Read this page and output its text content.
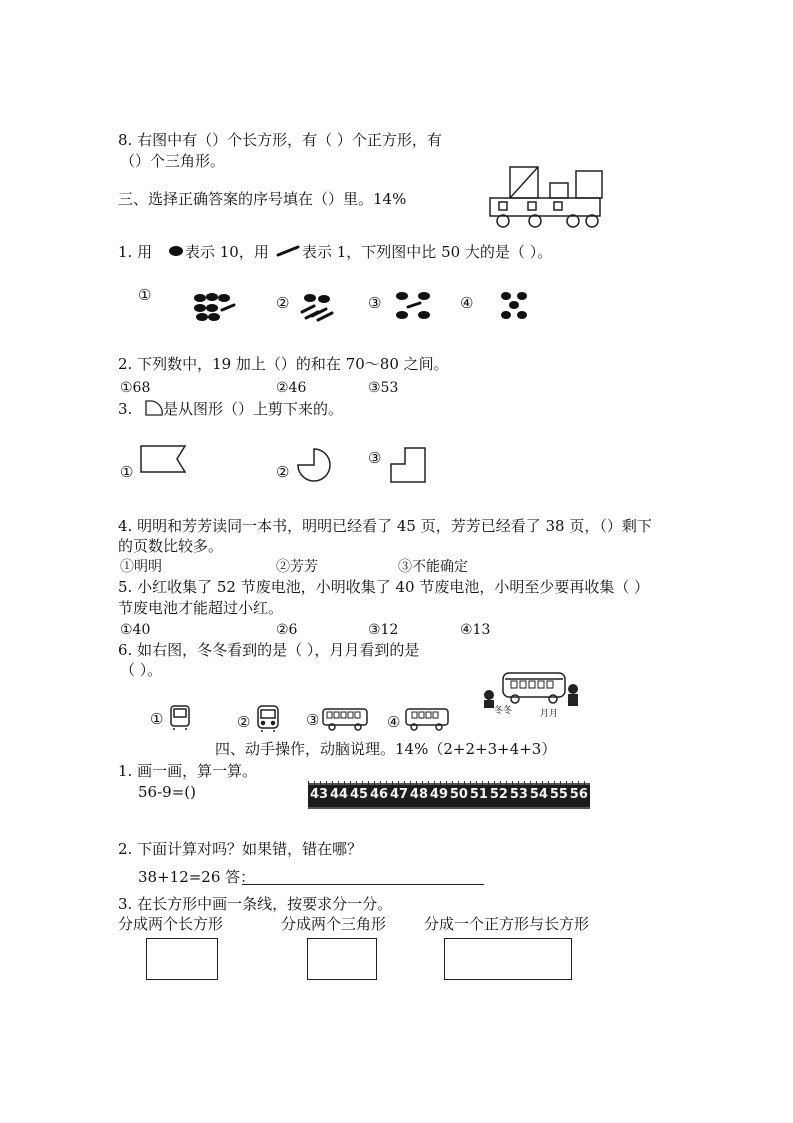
8. 右图中有（）个长方形，有（ ）个正方形，有
（）个三角形。
三、选择正确答案的序号填在（）里。14%
1. 用 表示 10，用 表示 1，下列图中比 50 大的是（ ）。
①	②	③	④
2. 下列数中，19 加上（）的和在 70～80 之间。
①68	②46	③53
3. 是从图形（）上剪下来的。
①	②
③
4. 明明和芳芳读同一本书，明明已经看了 45 页，芳芳已经看了 38 页，（）剩下
的页数比较多。
①明明	②芳芳	③不能确定
5. 小红收集了 52 节废电池，小明收集了 40 节废电池，小明至少要再收集（ ）
节废电池才能超过小红。
①40	②6	③12	④13
6. 如右图，冬冬看到的是（ ），月月看到的是
（ ）。
冬冬	月月
①	②	③	④
四、动手操作，动脑说理。14%（2+2+3+4+3）
1. 画一画，算一算。
56-9=()	43 44 45 46 47 48 49 50 51 52 53 54 55 56
2. 下面计算对吗？如果错，错在哪？
38+12=26 答：
3. 在长方形中画一条线，按要求分一分。
分成两个长方形	分成两个三角形	分成一个正方形与长方形
